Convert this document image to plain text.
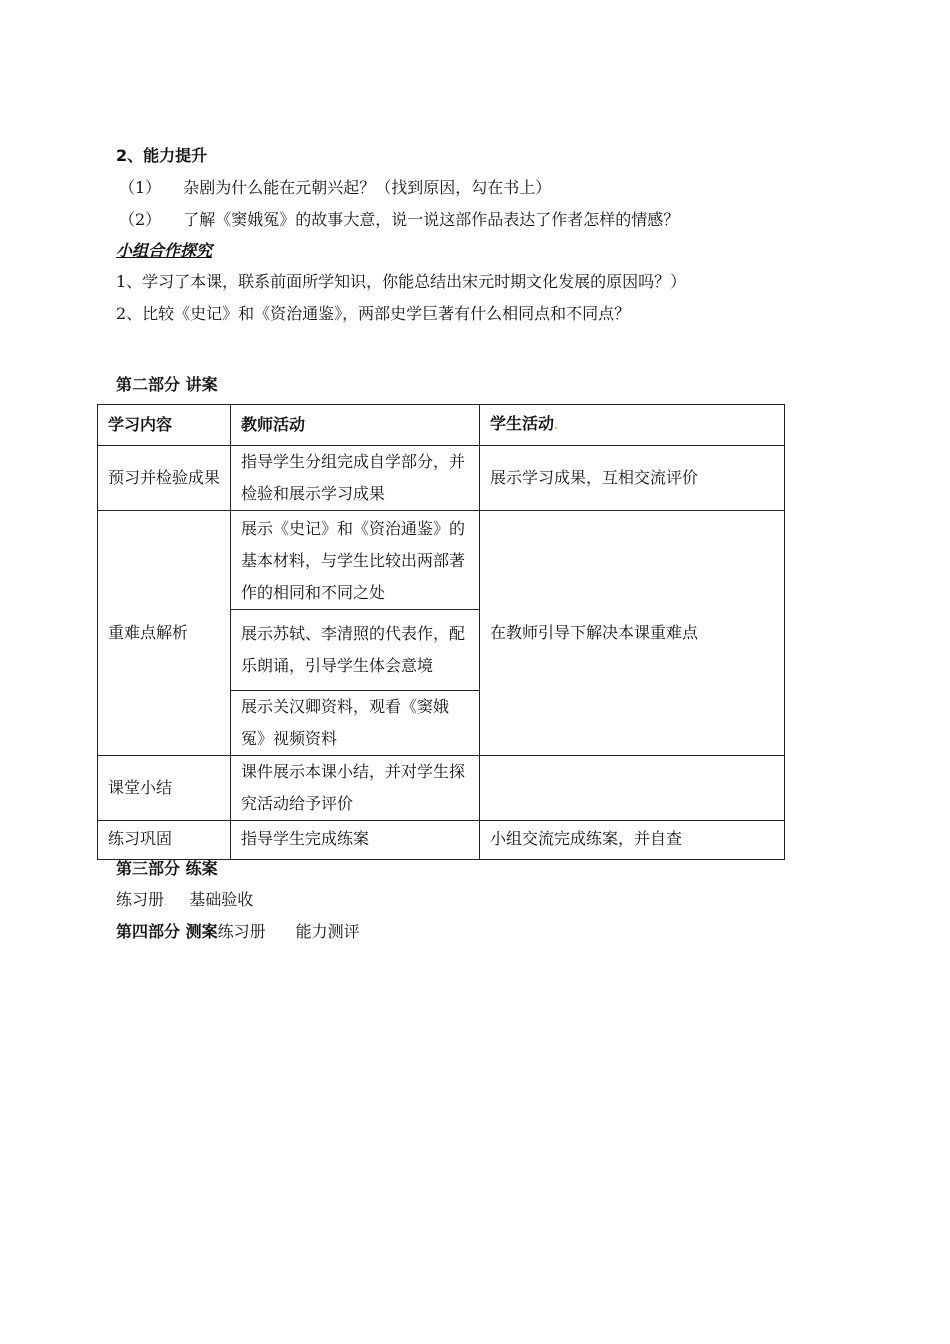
2、能力提升
（1） 杂剧为什么能在元朝兴起？（找到原因，勾在书上）
（2） 了解《窦娥冤》的故事大意，说一说这部作品表达了作者怎样的情感？
小组合作探究
1、学习了本课，联系前面所学知识，你能总结出宋元时期文化发展的原因吗？）
2、比较《史记》和《资治通鉴》，两部史学巨著有什么相同点和不同点？
第二部分 讲案
学习内容	教师活动	学生活动.
预习并检验成果	指导学生分组完成自学部分，并检验和展示学习成果	展示学习成果，互相交流评价
重难点解析	展示《史记》和《资治通鉴》的基本材料，与学生比较出两部著作的相同和不同之处	在教师引导下解决本课重难点
	展示苏轼、李清照的代表作，配乐朗诵，引导学生体会意境	
	展示关汉卿资料，观看《窦娥冤》视频资料	
课堂小结	课件展示本课小结，并对学生探究活动给予评价	
练习巩固	指导学生完成练案	小组交流完成练案，并自查
第三部分 练案
练习册. 基础验收
第四部分 测案练习册 能力测评
